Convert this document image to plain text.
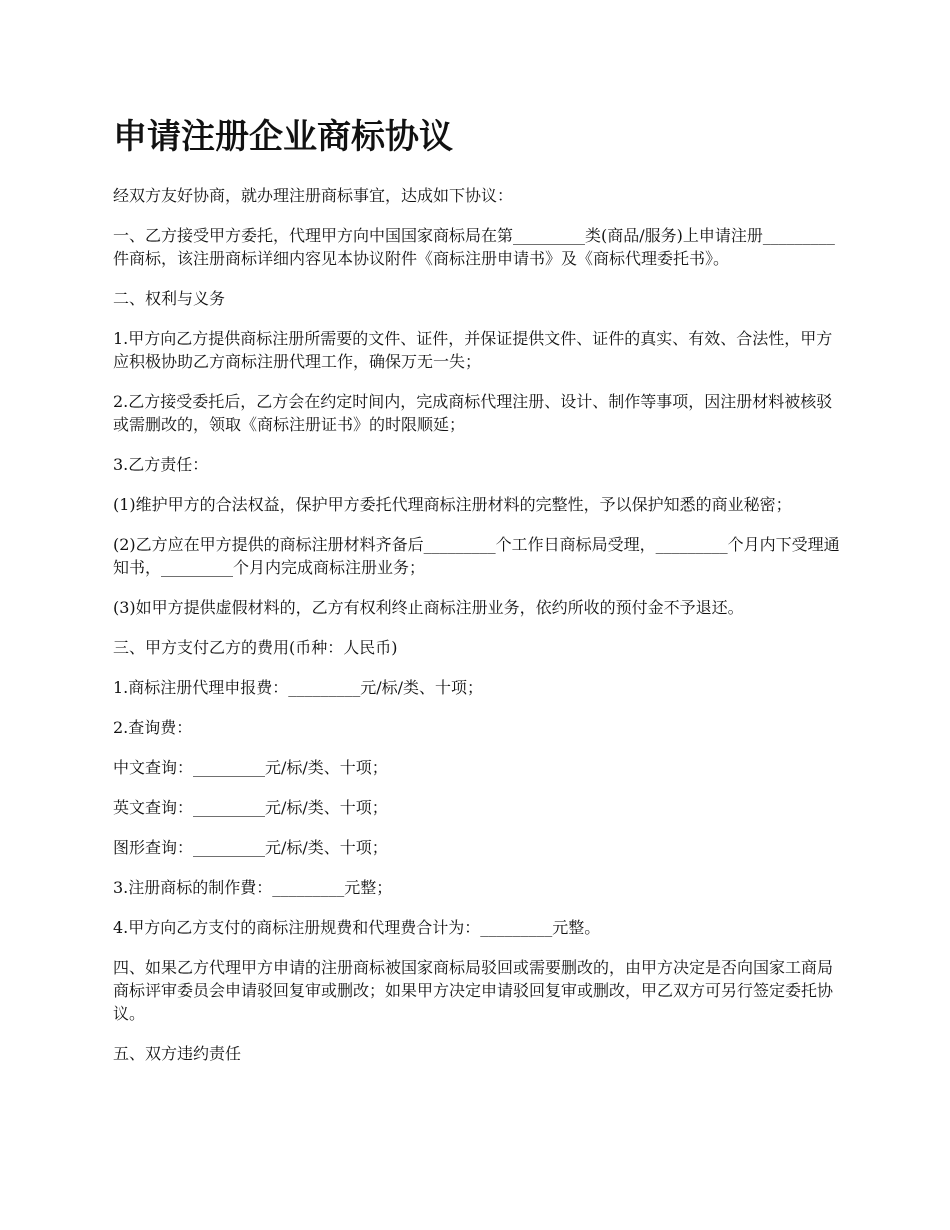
申请注册企业商标协议

经双方友好协商，就办理注册商标事宜，达成如下协议：

一、乙方接受甲方委托，代理甲方向中国国家商标局在第_________类(商品/服务)上申请注册_________件商标，该注册商标详细内容见本协议附件《商标注册申请书》及《商标代理委托书》。

二、权利与义务

1.甲方向乙方提供商标注册所需要的文件、证件，并保证提供文件、证件的真实、有效、合法性，甲方应积极协助乙方商标注册代理工作，确保万无一失；

2.乙方接受委托后，乙方会在约定时间内，完成商标代理注册、设计、制作等事项，因注册材料被核驳或需删改的，领取《商标注册证书》的时限顺延；

3.乙方责任：

(1)维护甲方的合法权益，保护甲方委托代理商标注册材料的完整性，予以保护知悉的商业秘密；

(2)乙方应在甲方提供的商标注册材料齐备后_________个工作日商标局受理，_________个月内下受理通知书，_________个月内完成商标注册业务；

(3)如甲方提供虚假材料的，乙方有权利终止商标注册业务，依约所收的预付金不予退还。

三、甲方支付乙方的费用(币种：人民币)

1.商标注册代理申报费：_________元/标/类、十项；

2.查询费：

中文查询：_________元/标/类、十项；

英文查询：_________元/标/类、十项；

图形查询：_________元/标/类、十项；

3.注册商标的制作費：_________元整；

4.甲方向乙方支付的商标注册规费和代理费合计为：_________元整。

四、如果乙方代理甲方申请的注册商标被国家商标局驳回或需要删改的，由甲方决定是否向国家工商局商标评审委员会申请驳回复审或删改；如果甲方决定申请驳回复审或删改，甲乙双方可另行签定委托协议。

五、双方违约责任
